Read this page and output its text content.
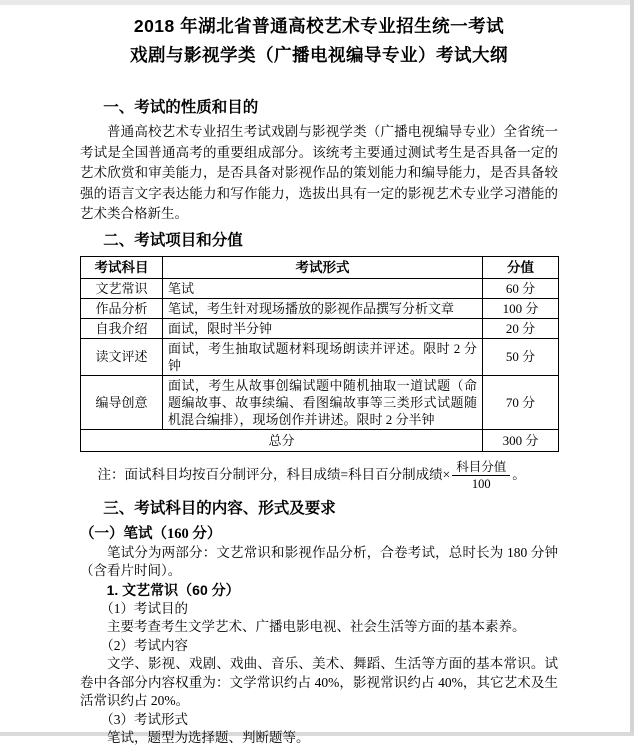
2018 年湖北省普通高校艺术专业招生统一考试
戏剧与影视学类（广播电视编导专业）考试大纲

一、考试的性质和目的

普通高校艺术专业招生考试戏剧与影视学类（广播电视编导专业）全省统一考试是全国普通高考的重要组成部分。该统考主要通过测试考生是否具备一定的艺术欣赏和审美能力，是否具备对影视作品的策划能力和编导能力，是否具备较强的语言文字表达能力和写作能力，选拔出具有一定的影视艺术专业学习潜能的艺术类合格新生。

二、考试项目和分值

考试科目	考试形式	分值
文艺常识	笔试	60 分
作品分析	笔试，考生针对现场播放的影视作品撰写分析文章	100 分
自我介绍	面试，限时半分钟	20 分
读文评述	面试，考生抽取试题材料现场朗读并评述。限时 2 分钟	50 分
编导创意	面试，考生从故事创编试题中随机抽取一道试题（命题编故事、故事续编、看图编故事等三类形式试题随机混合编排），现场创作并讲述。限时 2 分半钟	70 分
总分		300 分
注：面试科目均按百分制评分，科目成绩=科目百分制成绩× $\frac{\text{科目分值}}{100}$ 。

三、考试科目的内容、形式及要求

（一）笔试（160 分）

笔试分为两部分：文艺常识和影视作品分析，合卷考试，总时长为 180 分钟（含看片时间）。

1. 文艺常识（60 分）

（1）考试目的

主要考查考生文学艺术、广播电影电视、社会生活等方面的基本素养。

（2）考试内容

文学、影视、戏剧、戏曲、音乐、美术、舞蹈、生活等方面的基本常识。试卷中各部分内容权重为：文学常识约占 40%，影视常识约占 40%，其它艺术及生活常识约占 20%。

（3）考试形式

笔试，题型为选择题、判断题等。
